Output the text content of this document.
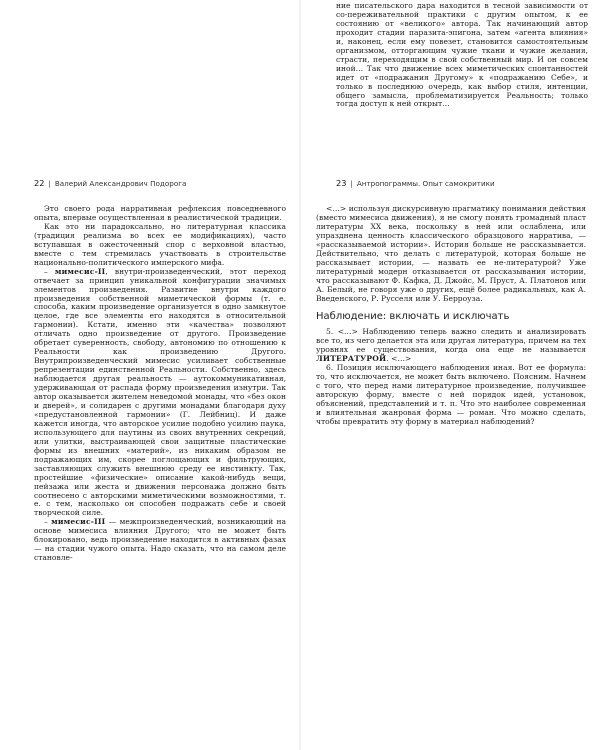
22 | Валерий Александрович Подорога

Это своего рода нарративная рефлексия повседневного опыта, впервые осуществленная в реалистической традиции.

Как это ни парадоксально, но литературная классика (традиция реализма во всех ее модификациях), часто вступавшая в ожесточенный спор с верховной властью, вместе с тем стремилась участвовать в строительстве национально-политического имперского мифа.

– мимесис-II, внутри-произведенческий, этот переход отвечает за принцип уникальной конфигурации значимых элементов произведения. Развитие внутри каждого произведения собственной миметической формы (т. е. способа, каким произведение организуется в одно замкнутое целое, где все элементы его находятся в относительной гармонии). Кстати, именно эти «качества» позволяют отличать одно произведение от другого. Произведение обретает суверенность, свободу, автономию по отношению к Реальности как произведению Другого. Внутрипроизведенческий мимесис усиливает собственные репрезентации единственной Реальности. Собственно, здесь наблюдается другая реальность — аутокоммуникативная, удерживающая от распада форму произведения изнутри. Так автор оказывается житeлем неведомой монады, что «без окон и дверей», и солидарен с другими монадами благодаря духу «предустановленной гармонии» (Г. Лейбниц). И даже кажется иногда, что авторское усилие подобно усилию паука, использующего для паутины из своих внутренних секреций, или улитки, выстраивающей свои защитные пластические формы из внешних «материй», из никаким образом не подражающих им, скорее поглощающих и фильтрующих, заставляющих служить внешнюю среду ее инстинкту. Так, простейшие «физические» описание какой-нибудь вещи, пейзажа или жеста и движения персонажа должно быть соотнесено с авторскими миметическими возможностями, т. е. с тем, насколько он способен подражать себе и своей творческой силе.

– мимесис-III — межпроизведенческий, возникающий на основе мимесиса влияния Другого; что не может быть блокировано, ведь произведение находится в активных фазах — на стадии чужого опыта. Надо сказать, что на самом деле становле-

ние писательского дара находится в тесной зависимости от со-переживательной практики с другим опытом, к ее состоянию от «великого» автора. Так начинающий автор проходит стадии паразита-эпигона, затем «агента влияния» и, наконец, если ему повезет, становится самостоятельным организмом, отторгающим чужие ткани и чужие желания, страсти, переходящим в свой собственный мир. И он совсем иной… Так что движение всех миметических спонтанностей идет от «подражания Другому» к «подражанию Себе», и только в последнюю очередь, как выбор стиля, интенции, общего замысла, проблематизируется Реальность; только тогда доступ к ней открыт…

23 | Антропограммы. Опыт самокритики

<…> используя дискурсивную прагматику понимания действия (вместо мимесиса движения), я не смогу понять громадный пласт литературы XX века, поскольку в ней или ослаблена, или упразднена ценность классического образцового нарратива, — «рассказываемой истории». История больше не рассказывается. Действительно, что делать с литературой, которая больше не рассказывает истории, — назвать ее не-литературой? Уже литературный модерн отказывается от рассказывания истории, что рассказывают Ф. Кафка, Д. Джойс, М. Пруст, А. Платонов или А. Белый, не говоря уже о других, ещё более радикальных, как А. Введенского, Р. Русселя или У. Берроуза.

Наблюдение: включать и исключать

5. <…> Наблюдению теперь важно следить и анализировать все то, из чего делается эта или другая литература, причем на тех уровнях ее существования, когда она еще не называется ЛИТЕРАТУРОЙ. <…>

6. Позиция исключающего наблюдения иная. Вот ее формула: то, что исключается, не может быть включено. Поясним. Начнем с того, что перед нами литературное произведение, получившее авторскую форму, вместе с ней порядок идей, установок, объяснений, представлений и т. п. Что это наиболее современная и влиятельная жанровая форма — роман. Что можно сделать, чтобы превратить эту форму в материал наблюдений?
